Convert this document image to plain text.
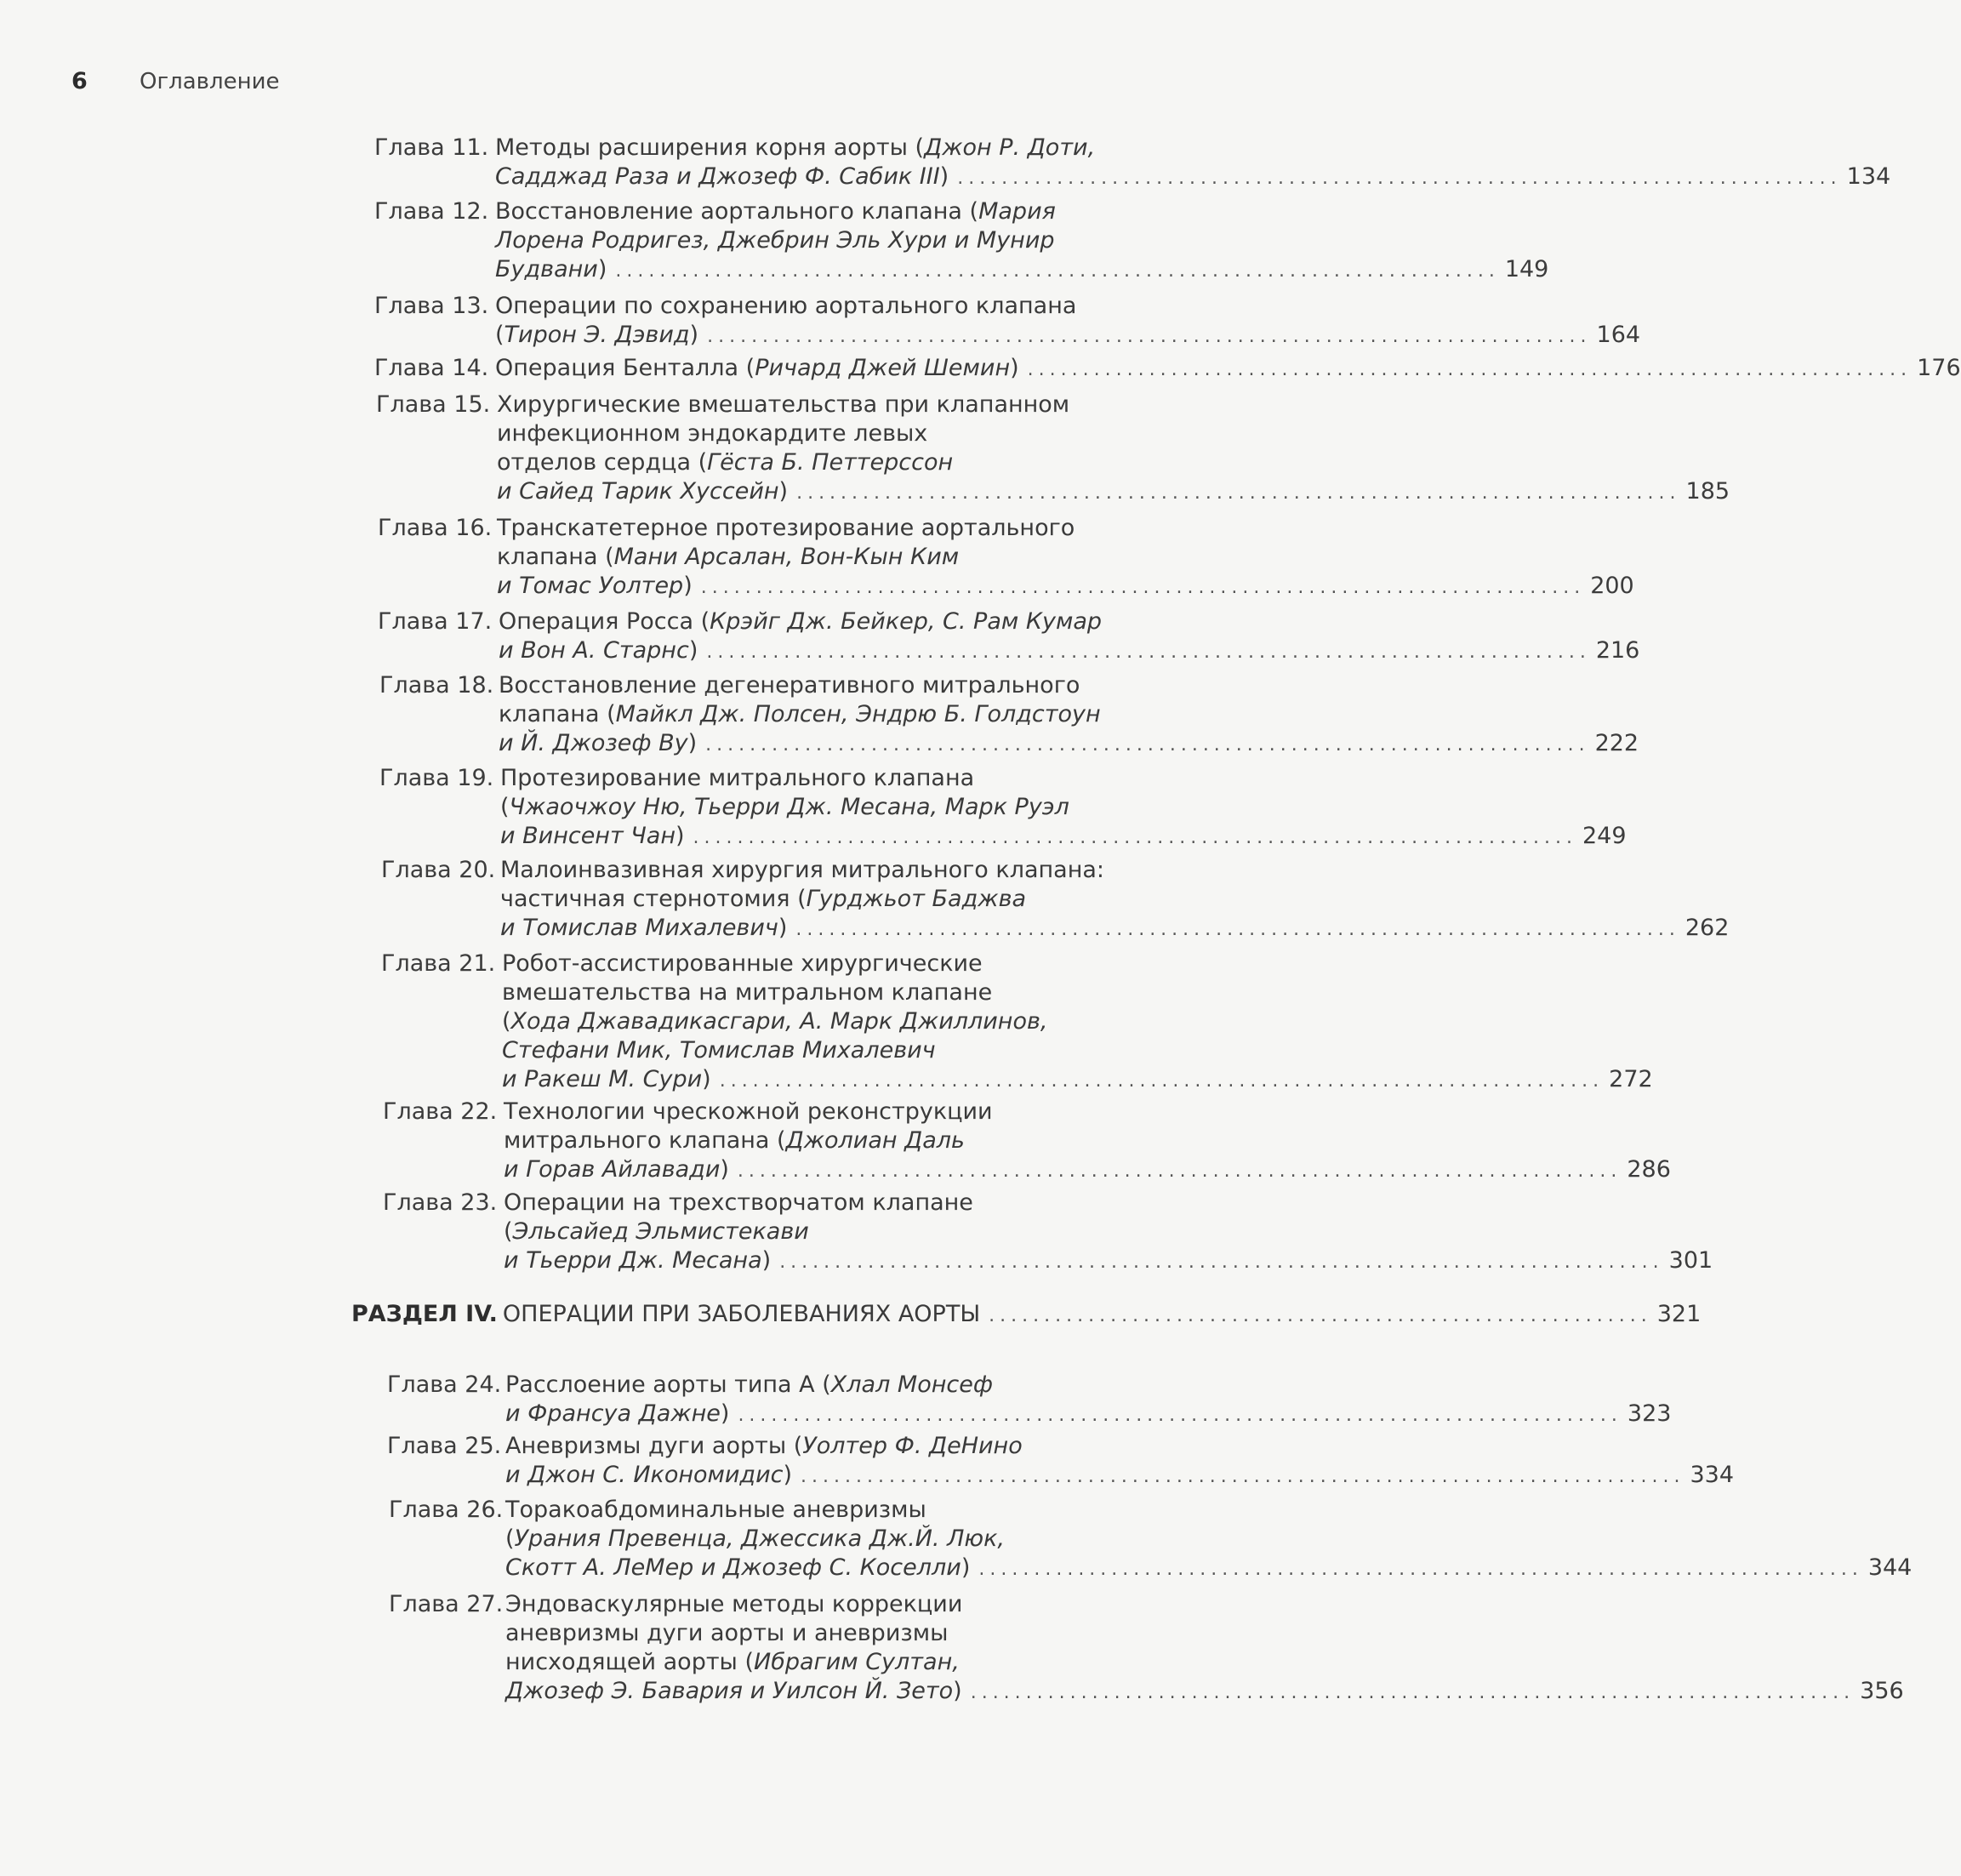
6	Оглавление
Глава 11. Методы расширения корня аорты (Джон Р. Доти,
Садджад Раза и Джозеф Ф. Сабик III) ................................................................................ 134
Глава 12. Восстановление аортального клапана (Мария
Лорена Родригез, Джебрин Эль Хури и Мунир
Будвани) ................................................................................ 149
Глава 13. Операции по сохранению аортального клапана
(Тирон Э. Дэвид) ................................................................................ 164
Глава 14. Операция Бенталла (Ричард Джей Шемин) ................................................................................ 176
Глава 15. Хирургические вмешательства при клапанном
инфекционном эндокардите левых
отделов сердца (Гёста Б. Петтерссон
и Сайед Тарик Хуссейн) ................................................................................ 185
Глава 16. Транскатетерное протезирование аортального
клапана (Мани Арсалан, Вон-Кын Ким
и Томас Уолтер) ................................................................................ 200
Глава 17. Операция Росса (Крэйг Дж. Бейкер, С. Рам Кумар
и Вон А. Старнс) ................................................................................ 216
Глава 18. Восстановление дегенеративного митрального
клапана (Майкл Дж. Полсен, Эндрю Б. Голдстоун
и Й. Джозеф Ву) ................................................................................ 222
Глава 19. Протезирование митрального клапана
(Чжаочжоу Ню, Тьерри Дж. Месана, Марк Руэл
и Винсент Чан) ................................................................................ 249
Глава 20. Малоинвазивная хирургия митрального клапана:
частичная стернотомия (Гурджьот Баджва
и Томислав Михалевич) ................................................................................ 262
Глава 21. Робот-ассистированные хирургические
вмешательства на митральном клапане
(Хода Джавадикасгари, А. Марк Джиллинов,
Стефани Мик, Томислав Михалевич
и Ракеш М. Сури) ................................................................................ 272
Глава 22. Технологии чрескожной реконструкции
митрального клапана (Джолиан Даль
и Горав Айлавади) ................................................................................ 286
Глава 23. Операции на трехстворчатом клапане
(Эльсайед Эльмистекави
и Тьерри Дж. Месана) ................................................................................ 301
РАЗДЕЛ IV. ОПЕРАЦИИ ПРИ ЗАБОЛЕВАНИЯХ АОРТЫ ............................................................ 321
Глава 24. Расслоение аорты типа А (Хлал Монсеф
и Франсуа Дажне) ................................................................................ 323
Глава 25. Аневризмы дуги аорты (Уолтер Ф. ДеНино
и Джон С. Икономидис) ................................................................................ 334
Глава 26. Торакоабдоминальные аневризмы
(Урания Превенца, Джессика Дж.Й. Люк,
Скотт А. ЛеМер и Джозеф С. Коселли) ................................................................................ 344
Глава 27. Эндоваскулярные методы коррекции
аневризмы дуги аорты и аневризмы
нисходящей аорты (Ибрагим Султан,
Джозеф Э. Бавария и Уилсон Й. Зето) ................................................................................ 356
